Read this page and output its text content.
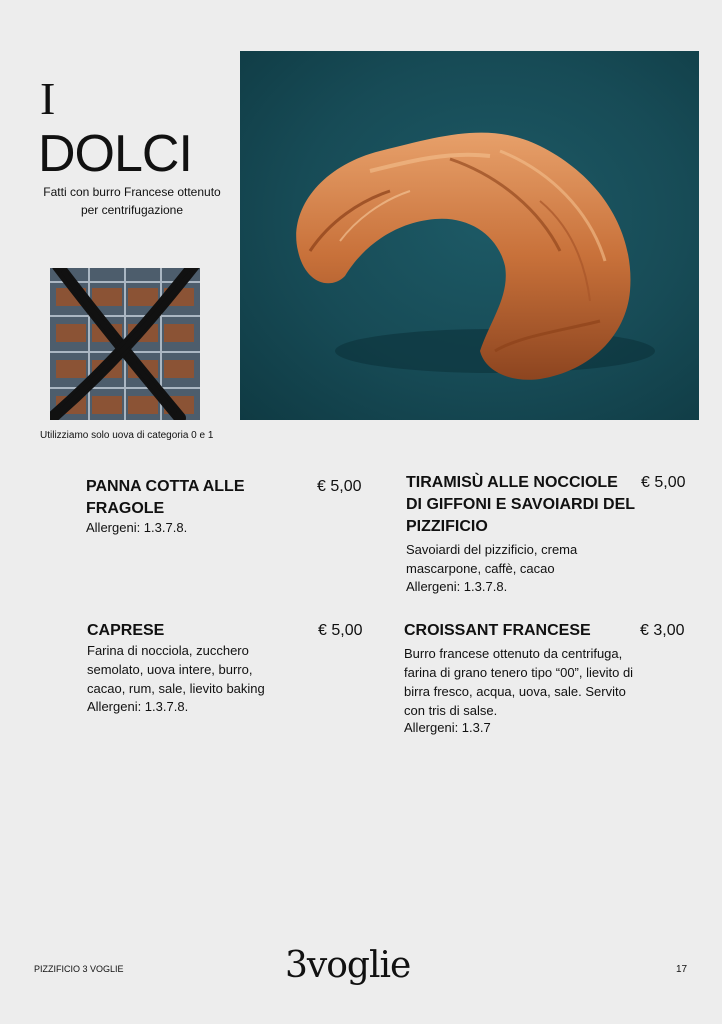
I
DOLCI
Fatti con burro Francese ottenuto per centrifugazione
Utilizziamo solo uova di categoria 0 e 1
PANNA COTTA ALLE FRAGOLE
€ 5,00
Allergeni: 1.3.7.8.
TIRAMISÙ ALLE NOCCIOLE DI GIFFONI E SAVOIARDI DEL PIZZIFICIO
€ 5,00
Savoiardi del pizzificio, crema mascarpone, caffè, cacao
Allergeni: 1.3.7.8.
CAPRESE	€ 5,00
Farina di nocciola, zucchero semolato, uova intere, burro, cacao, rum, sale, lievito baking
Allergeni: 1.3.7.8.
CROISSANT FRANCESE	€ 3,00
Burro francese ottenuto da centrifuga, farina di grano tenero tipo “00”, lievito di birra fresco, acqua, uova, sale. Servito con tris di salse.
Allergeni: 1.3.7
PIZZIFICIO 3 VOGLIE	3voglie	17
